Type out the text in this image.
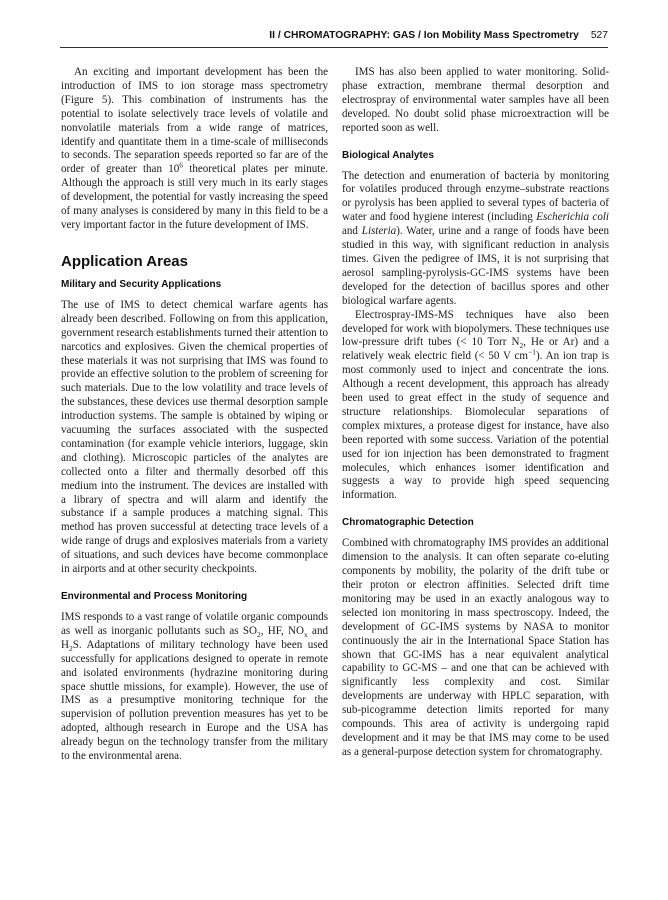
II / CHROMATOGRAPHY: GAS / Ion Mobility Mass Spectrometry 527

An exciting and important development has been the introduction of IMS to ion storage mass spectrometry (Figure 5). This combination of instruments has the potential to isolate selectively trace levels of volatile and nonvolatile materials from a wide range of matrices, identify and quantitate them in a time-scale of milliseconds to seconds. The separation speeds reported so far are of the order of greater than $10^6$ theoretical plates per minute. Although the approach is still very much in its early stages of development, the potential for vastly increasing the speed of many analyses is considered by many in this field to be a very important factor in the future development of IMS.

Application Areas
Military and Security Applications

The use of IMS to detect chemical warfare agents has already been described. Following on from this application, government research establishments turned their attention to narcotics and explosives. Given the chemical properties of these materials it was not surprising that IMS was found to provide an effective solution to the problem of screening for such materials. Due to the low volatility and trace levels of the substances, these devices use thermal desorption sample introduction systems. The sample is obtained by wiping or vacuuming the surfaces associated with the suspected contamination (for example vehicle interiors, luggage, skin and clothing). Microscopic particles of the analytes are collected onto a filter and thermally desorbed off this medium into the instrument. The devices are installed with a library of spectra and will alarm and identify the substance if a sample produces a matching signal. This method has proven successful at detecting trace levels of a wide range of drugs and explosives materials from a variety of situations, and such devices have become commonplace in airports and at other security checkpoints.

Environmental and Process Monitoring

IMS responds to a vast range of volatile organic compounds as well as inorganic pollutants such as $SO_2$, HF, $NO_x$ and $H_2S$. Adaptations of military technology have been used successfully for applications designed to operate in remote and isolated environments (hydrazine monitoring during space shuttle missions, for example). However, the use of IMS as a presumptive monitoring technique for the supervision of pollution prevention measures has yet to be adopted, although research in Europe and the USA has already begun on the technology transfer from the military to the environmental arena.

IMS has also been applied to water monitoring. Solid-phase extraction, membrane thermal desorption and electrospray of environmental water samples have all been developed. No doubt solid phase microextraction will be reported soon as well.

Biological Analytes

The detection and enumeration of bacteria by monitoring for volatiles produced through enzyme–substrate reactions or pyrolysis has been applied to several types of bacteria of water and food hygiene interest (including Escherichia coli and Listeria). Water, urine and a range of foods have been studied in this way, with significant reduction in analysis times. Given the pedigree of IMS, it is not surprising that aerosol sampling-pyrolysis-GC-IMS systems have been developed for the detection of bacillus spores and other biological warfare agents.

Electrospray-IMS-MS techniques have also been developed for work with biopolymers. These techniques use low-pressure drift tubes (< 10 Torr $N_2$, He or Ar) and a relatively weak electric field (< 50 V $cm^{-1}$). An ion trap is most commonly used to inject and concentrate the ions. Although a recent development, this approach has already been used to great effect in the study of sequence and structure relationships. Biomolecular separations of complex mixtures, a protease digest for instance, have also been reported with some success. Variation of the potential used for ion injection has been demonstrated to fragment molecules, which enhances isomer identification and suggests a way to provide high speed sequencing information.

Chromatographic Detection

Combined with chromatography IMS provides an additional dimension to the analysis. It can often separate co-eluting components by mobility, the polarity of the drift tube or their proton or electron affinities. Selected drift time monitoring may be used in an exactly analogous way to selected ion monitoring in mass spectroscopy. Indeed, the development of GC-IMS systems by NASA to monitor continuously the air in the International Space Station has shown that GC-IMS has a near equivalent analytical capability to GC-MS – and one that can be achieved with significantly less complexity and cost. Similar developments are underway with HPLC separation, with sub-picogramme detection limits reported for many compounds. This area of activity is undergoing rapid development and it may be that IMS may come to be used as a general-purpose detection system for chromatography.
